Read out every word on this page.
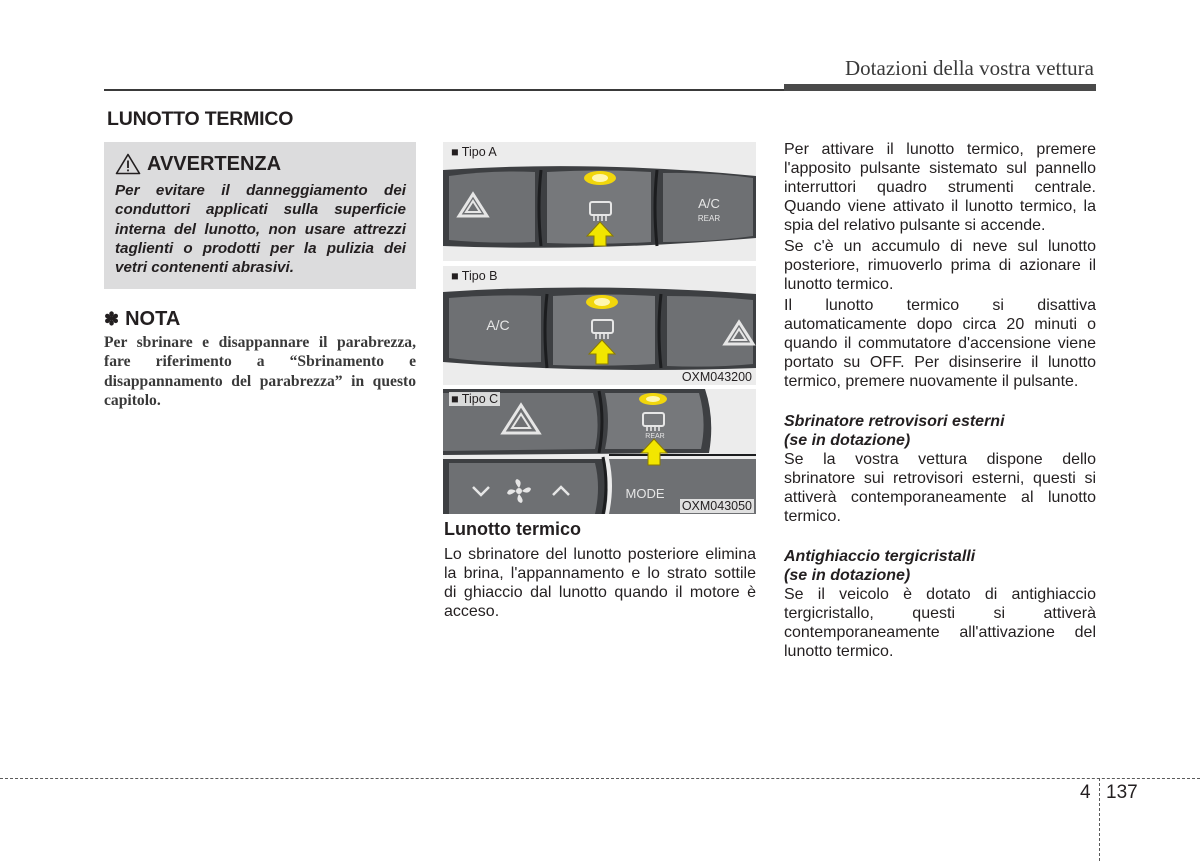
Dotazioni della vostra vettura
LUNOTTO TERMICO
AVVERTENZA

Per evitare il danneggiamento dei conduttori applicati sulla superficie interna del lunotto, non usare attrezzi taglienti o prodotti per la pulizia dei vetri contenenti abrasivi.

✽ NOTA

Per sbrinare e disappannare il parabrezza, fare riferimento a “Sbrinamento e disappannamento del parabrezza” in questo capitolo.

■ Tipo A
A/C
REAR
■ Tipo B
A/C
OXM043200
■ Tipo C
REAR
MODE
OXM043050
Lunotto termico

Lo sbrinatore del lunotto posteriore elimina la brina, l'appannamento e lo strato sottile di ghiaccio dal lunotto quando il motore è acceso.

Per attivare il lunotto termico, premere l'apposito pulsante sistemato sul pannello interruttori quadro strumenti centrale. Quando viene attivato il lunotto termico, la spia del relativo pulsante si accende.

Se c'è un accumulo di neve sul lunotto posteriore, rimuoverlo prima di azionare il lunotto termico.

Il lunotto termico si disattiva automaticamente dopo circa 20 minuti o quando il commutatore d'accensione viene portato su OFF. Per disinserire il lunotto termico, premere nuovamente il pulsante.

Sbrinatore retrovisori esterni
(se in dotazione)

Se la vostra vettura dispone dello sbrinatore sui retrovisori esterni, questi si attiverà contemporaneamente al lunotto termico.

Antighiaccio tergicristalli
(se in dotazione)

Se il veicolo è dotato di antighiaccio tergicristallo, questi si attiverà contemporaneamente all'attivazione del lunotto termico.

4 137
